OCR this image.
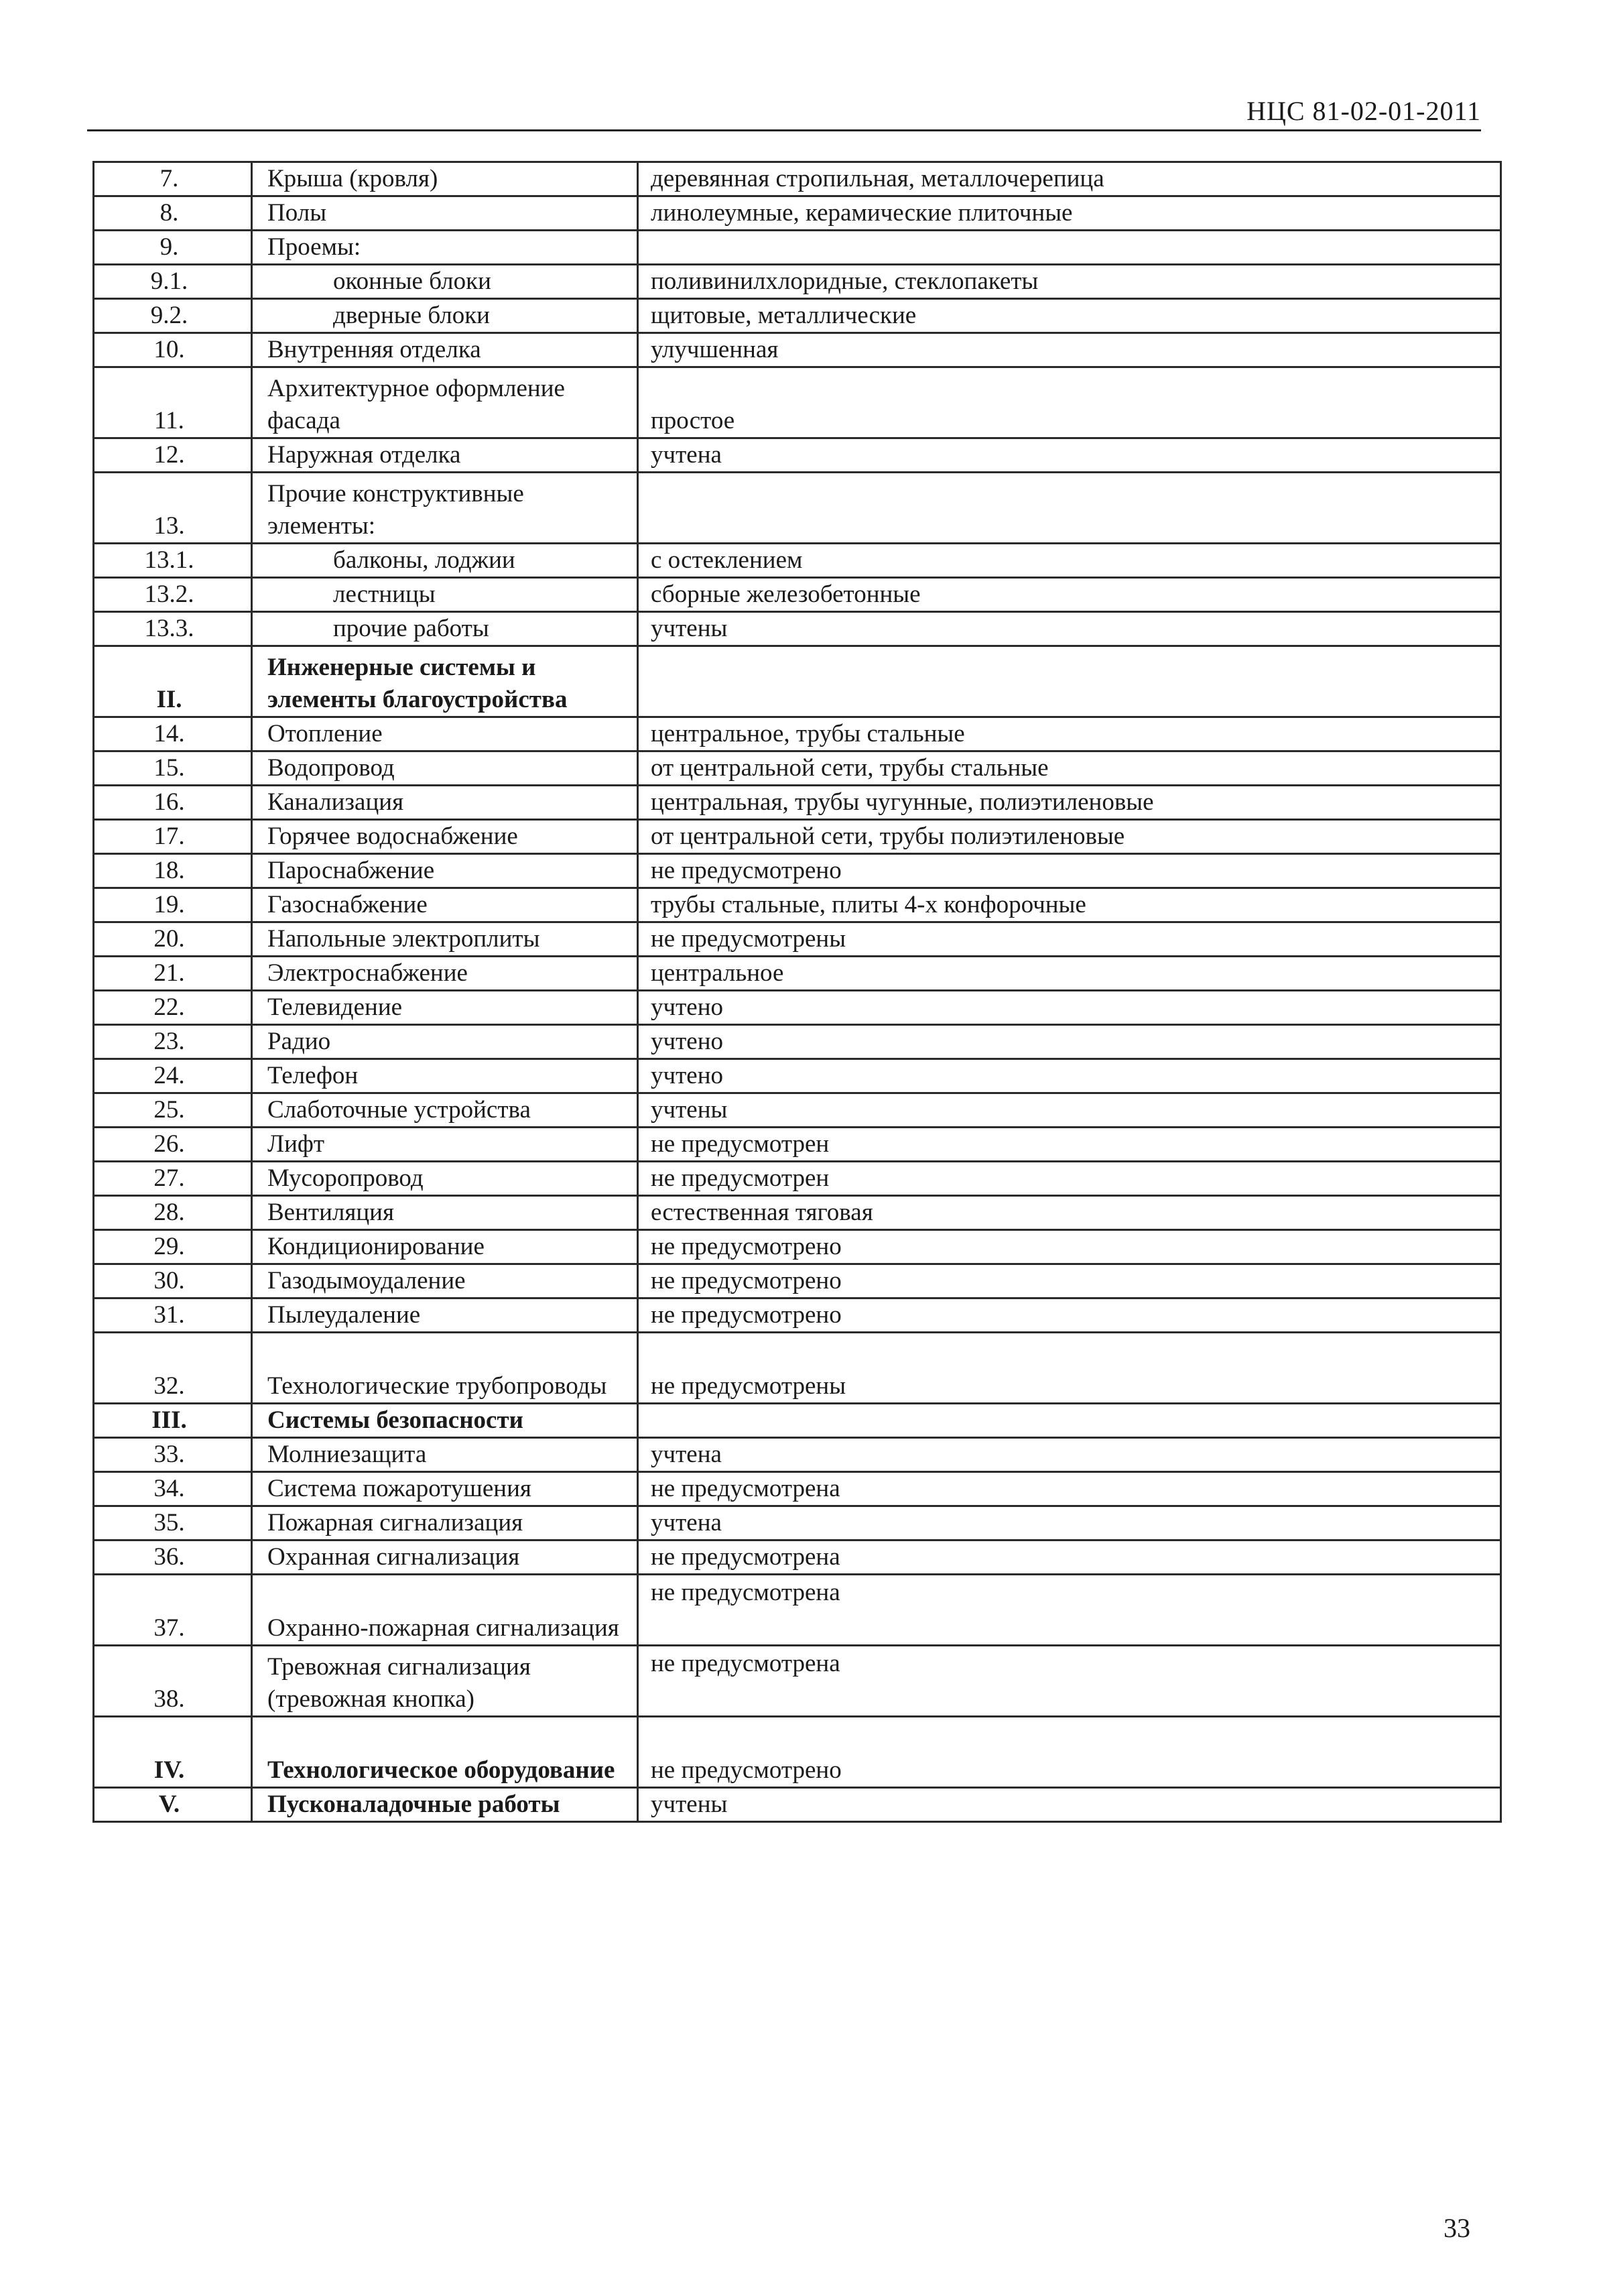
НЦС 81-02-01-2011
7.	Крыша (кровля)	деревянная стропильная, металлочерепица
8.	Полы	линолеумные, керамические плиточные
9.	Проемы:	
9.1.	оконные блоки	поливинилхлоридные, стеклопакеты
9.2.	дверные блоки	щитовые, металлические
10.	Внутренняя отделка	улучшенная
11.	Архитектурное оформление фасада	простое
12.	Наружная отделка	учтена
13.	Прочие конструктивные элементы:	
13.1.	балконы, лоджии	с остеклением
13.2.	лестницы	сборные железобетонные
13.3.	прочие работы	учтены
II.	Инженерные системы и элементы благоустройства	
14.	Отопление	центральное, трубы стальные
15.	Водопровод	от центральной сети, трубы стальные
16.	Канализация	центральная, трубы чугунные, полиэтиленовые
17.	Горячее водоснабжение	от центральной сети, трубы полиэтиленовые
18.	Пароснабжение	не предусмотрено
19.	Газоснабжение	трубы стальные, плиты 4-х конфорочные
20.	Напольные электроплиты	не предусмотрены
21.	Электроснабжение	центральное
22.	Телевидение	учтено
23.	Радио	учтено
24.	Телефон	учтено
25.	Слаботочные устройства	учтены
26.	Лифт	не предусмотрен
27.	Мусоропровод	не предусмотрен
28.	Вентиляция	естественная тяговая
29.	Кондиционирование	не предусмотрено
30.	Газодымоудаление	не предусмотрено
31.	Пылеудаление	не предусмотрено
32.	Технологические трубопроводы	не предусмотрены
III.	Системы безопасности	
33.	Молниезащита	учтена
34.	Система пожаротушения	не предусмотрена
35.	Пожарная сигнализация	учтена
36.	Охранная сигнализация	не предусмотрена
37.	Охранно-пожарная сигнализация	не предусмотрена
38.	Тревожная сигнализация (тревожная кнопка)	не предусмотрена
IV.	Технологическое оборудование	не предусмотрено
V.	Пусконаладочные работы	учтены
33
